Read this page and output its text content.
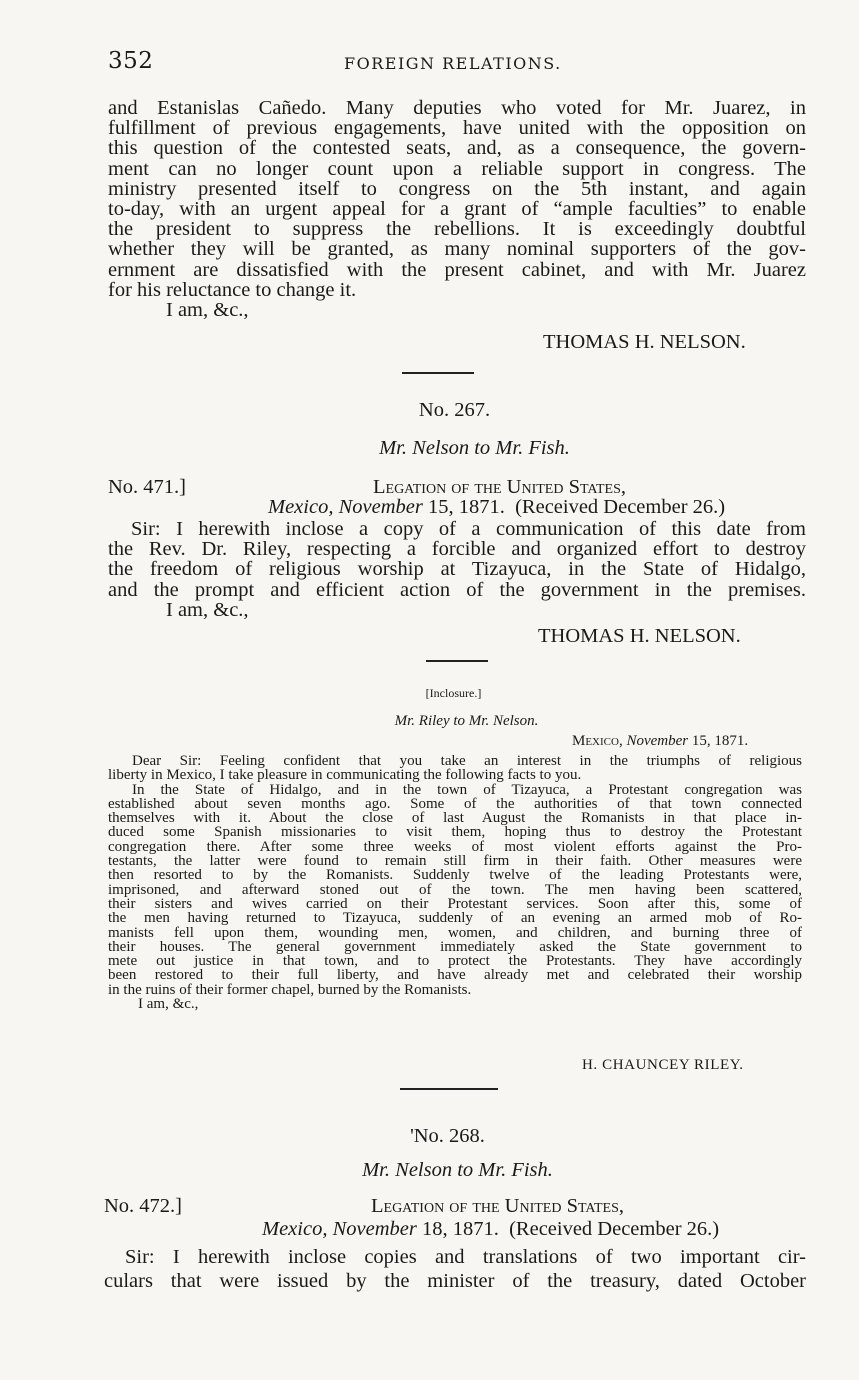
352	FOREIGN RELATIONS.

and Estanislas Cañedo. Many deputies who voted for Mr. Juarez, in

fulfillment of previous engagements, have united with the opposition on

this question of the contested seats, and, as a consequence, the govern-

ment can no longer count upon a reliable support in congress. The

ministry presented itself to congress on the 5th instant, and again

to-day, with an urgent appeal for a grant of “ample faculties” to enable

the president to suppress the rebellions. It is exceedingly doubtful

whether they will be granted, as many nominal supporters of the gov-

ernment are dissatisfied with the present cabinet, and with Mr. Juarez

for his reluctance to change it.

I am, &c.,

THOMAS H. NELSON.
No. 267.
Mr. Nelson to Mr. Fish.
No. 471.]	Legation of the United States,
Mexico, November 15, 1871. (Received December 26.)

Sir: I herewith inclose a copy of a communication of this date from

the Rev. Dr. Riley, respecting a forcible and organized effort to destroy

the freedom of religious worship at Tizayuca, in the State of Hidalgo,

and the prompt and efficient action of the government in the premises.

I am, &c.,

THOMAS H. NELSON.
[Inclosure.]
Mr. Riley to Mr. Nelson.
Mexico, November 15, 1871.

Dear Sir: Feeling confident that you take an interest in the triumphs of religious

liberty in Mexico, I take pleasure in communicating the following facts to you.

In the State of Hidalgo, and in the town of Tizayuca, a Protestant congregation was

established about seven months ago. Some of the authorities of that town connected

themselves with it. About the close of last August the Romanists in that place in-

duced some Spanish missionaries to visit them, hoping thus to destroy the Protestant

congregation there. After some three weeks of most violent efforts against the Pro-

testants, the latter were found to remain still firm in their faith. Other measures were

then resorted to by the Romanists. Suddenly twelve of the leading Protestants were,

imprisoned, and afterward stoned out of the town. The men having been scattered,

their sisters and wives carried on their Protestant services. Soon after this, some of

the men having returned to Tizayuca, suddenly of an evening an armed mob of Ro-

manists fell upon them, wounding men, women, and children, and burning three of

their houses. The general government immediately asked the State government to

mete out justice in that town, and to protect the Protestants. They have accordingly

been restored to their full liberty, and have already met and celebrated their worship

in the ruins of their former chapel, burned by the Romanists.

I am, &c.,

H. CHAUNCEY RILEY.
'No. 268.
Mr. Nelson to Mr. Fish.
No. 472.]	Legation of the United States,
Mexico, November 18, 1871. (Received December 26.)

Sir: I herewith inclose copies and translations of two important cir-

culars that were issued by the minister of the treasury, dated October
